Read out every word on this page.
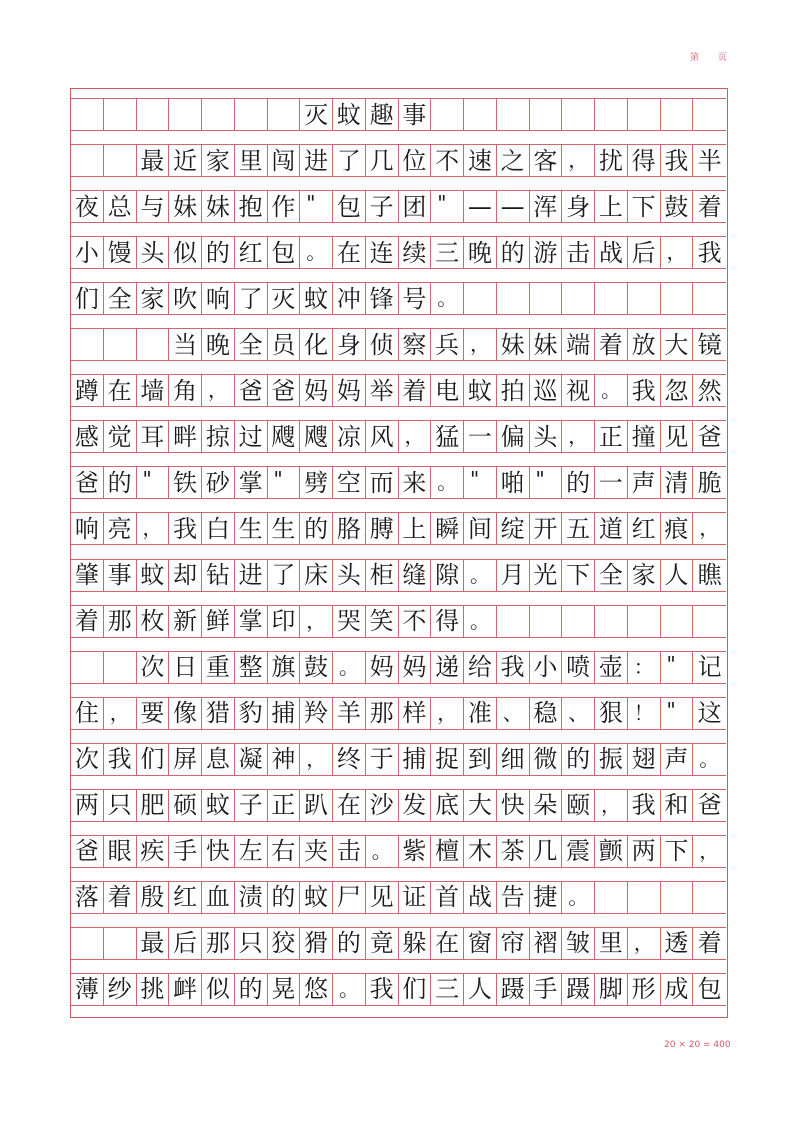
第 页
灭 蚊 趣 事
最 近 家 里 闯 进 了 几 位 不 速 之 客 ， 扰 得 我 半
夜 总 与 妹 妹 抱 作 " 包 子 团 " — — 浑 身 上 下 鼓 着
小 馒 头 似 的 红 包 。 在 连 续 三 晚 的 游 击 战 后 ， 我
们 全 家 吹 响 了 灭 蚊 冲 锋 号 。
当 晚 全 员 化 身 侦 察 兵 ， 妹 妹 端 着 放 大 镜
蹲 在 墙 角 ， 爸 爸 妈 妈 举 着 电 蚊 拍 巡 视 。 我 忽 然
感 觉 耳 畔 掠 过 飕 飕 凉 风 ， 猛 一 偏 头 ， 正 撞 见 爸
爸 的 " 铁 砂 掌 " 劈 空 而 来 。 " 啪 " 的 一 声 清 脆
响 亮 ， 我 白 生 生 的 胳 膊 上 瞬 间 绽 开 五 道 红 痕 ，
肇 事 蚊 却 钻 进 了 床 头 柜 缝 隙 。 月 光 下 全 家 人 瞧
着 那 枚 新 鲜 掌 印 ， 哭 笑 不 得 。
次 日 重 整 旗 鼓 。 妈 妈 递 给 我 小 喷 壶 ： " 记
住 ， 要 像 猎 豹 捕 羚 羊 那 样 ， 准 、 稳 、 狠 ！ " 这
次 我 们 屏 息 凝 神 ， 终 于 捕 捉 到 细 微 的 振 翅 声 。
两 只 肥 硕 蚊 子 正 趴 在 沙 发 底 大 快 朵 颐 ， 我 和 爸
爸 眼 疾 手 快 左 右 夹 击 。 紫 檀 木 茶 几 震 颤 两 下 ，
落 着 殷 红 血 渍 的 蚊 尸 见 证 首 战 告 捷 。
最 后 那 只 狡 猾 的 竟 躲 在 窗 帘 褶 皱 里 ， 透 着
薄 纱 挑 衅 似 的 晃 悠 。 我 们 三 人 蹑 手 蹑 脚 形 成 包
20 × 20 = 400
